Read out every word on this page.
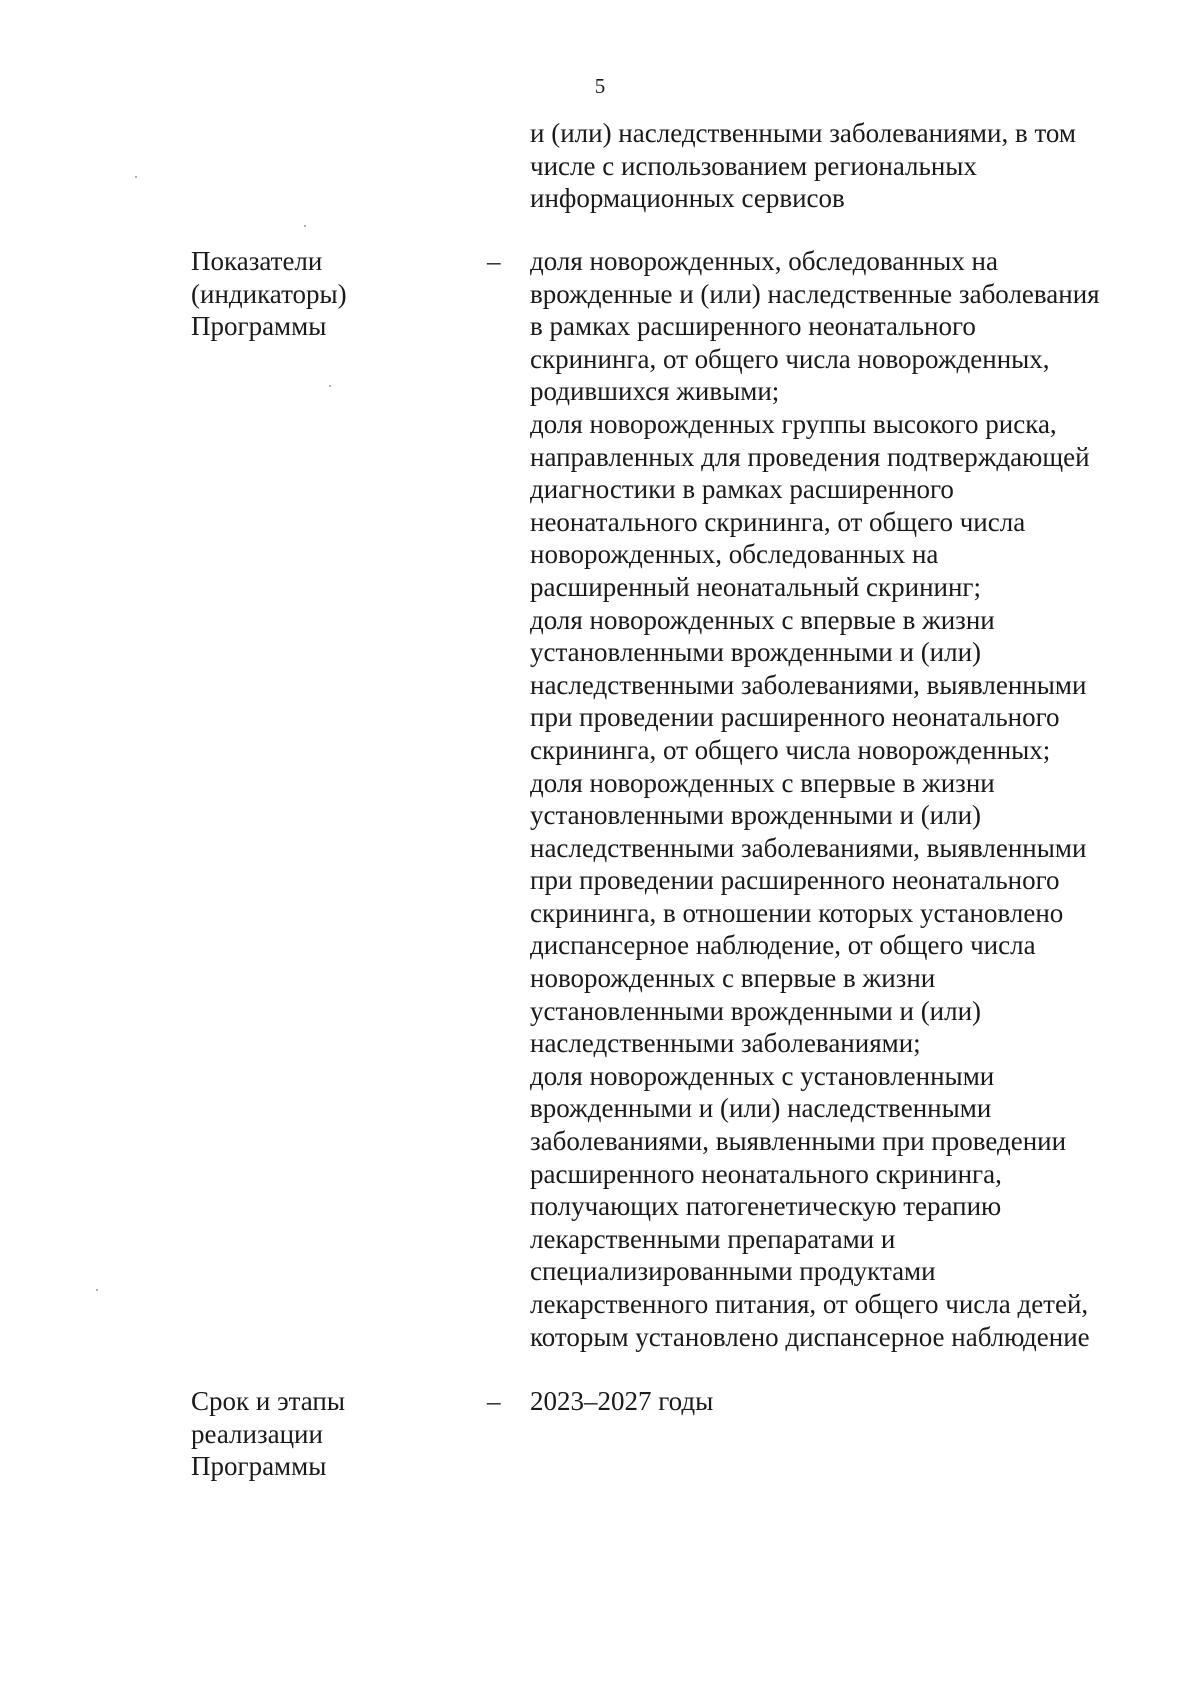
5
и (или) наследственными заболеваниями, в том
числе с использованием региональных
информационных сервисов
Показатели
(индикаторы)
Программы
– доля новорожденных, обследованных на
врожденные и (или) наследственные заболевания
в рамках расширенного неонатального
скрининга, от общего числа новорожденных,
родившихся живыми;
доля новорожденных группы высокого риска,
направленных для проведения подтверждающей
диагностики в рамках расширенного
неонатального скрининга, от общего числа
новорожденных, обследованных на
расширенный неонатальный скрининг;
доля новорожденных с впервые в жизни
установленными врожденными и (или)
наследственными заболеваниями, выявленными
при проведении расширенного неонатального
скрининга, от общего числа новорожденных;
доля новорожденных с впервые в жизни
установленными врожденными и (или)
наследственными заболеваниями, выявленными
при проведении расширенного неонатального
скрининга, в отношении которых установлено
диспансерное наблюдение, от общего числа
новорожденных с впервые в жизни
установленными врожденными и (или)
наследственными заболеваниями;
доля новорожденных с установленными
врожденными и (или) наследственными
заболеваниями, выявленными при проведении
расширенного неонатального скрининга,
получающих патогенетическую терапию
лекарственными препаратами и
специализированными продуктами
лекарственного питания, от общего числа детей,
которым установлено диспансерное наблюдение
Срок и этапы
реализации
Программы
– 2023–2027 годы
